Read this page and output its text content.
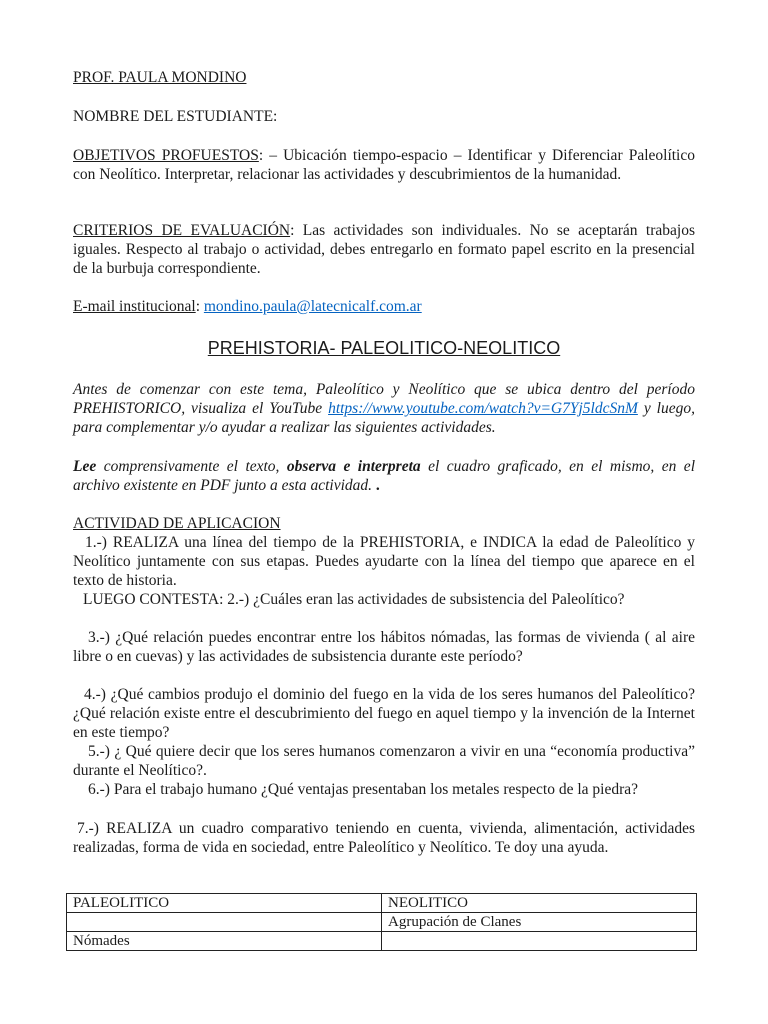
PROF. PAULA MONDINO

NOMBRE DEL ESTUDIANTE:

OBJETIVOS PROFUESTOS: – Ubicación tiempo-espacio – Identificar y Diferenciar Paleolítico con Neolítico. Interpretar, relacionar las actividades y descubrimientos de la humanidad.

CRITERIOS DE EVALUACIÓN: Las actividades son individuales. No se aceptarán trabajos iguales. Respecto al trabajo o actividad, debes entregarlo en formato papel escrito en la presencial de la burbuja correspondiente.

E-mail institucional: mondino.paula@latecnicalf.com.ar

PREHISTORIA- PALEOLITICO-NEOLITICO

Antes de comenzar con este tema, Paleolítico y Neolítico que se ubica dentro del período PREHISTORICO, visualiza el YouTube https://www.youtube.com/watch?v=G7Yj5ldcSnM y luego, para complementar y/o ayudar a realizar las siguientes actividades.

Lee comprensivamente el texto, observa e interpreta el cuadro graficado, en el mismo, en el archivo existente en PDF junto a esta actividad. .

ACTIVIDAD DE APLICACION

1.-) REALIZA una línea del tiempo de la PREHISTORIA, e INDICA la edad de Paleolítico y Neolítico juntamente con sus etapas. Puedes ayudarte con la línea del tiempo que aparece en el texto de historia.

LUEGO CONTESTA: 2.-) ¿Cuáles eran las actividades de subsistencia del Paleolítico?

3.-) ¿Qué relación puedes encontrar entre los hábitos nómadas, las formas de vivienda ( al aire libre o en cuevas) y las actividades de subsistencia durante este período?

4.-) ¿Qué cambios produjo el dominio del fuego en la vida de los seres humanos del Paleolítico? ¿Qué relación existe entre el descubrimiento del fuego en aquel tiempo y la invención de la Internet en este tiempo?

5.-) ¿ Qué quiere decir que los seres humanos comenzaron a vivir en una “economía productiva” durante el Neolítico?.

6.-) Para el trabajo humano ¿Qué ventajas presentaban los metales respecto de la piedra?

7.-) REALIZA un cuadro comparativo teniendo en cuenta, vivienda, alimentación, actividades realizadas, forma de vida en sociedad, entre Paleolítico y Neolítico. Te doy una ayuda.

PALEOLITICO	NEOLITICO
	Agrupación de Clanes
Nómades	
